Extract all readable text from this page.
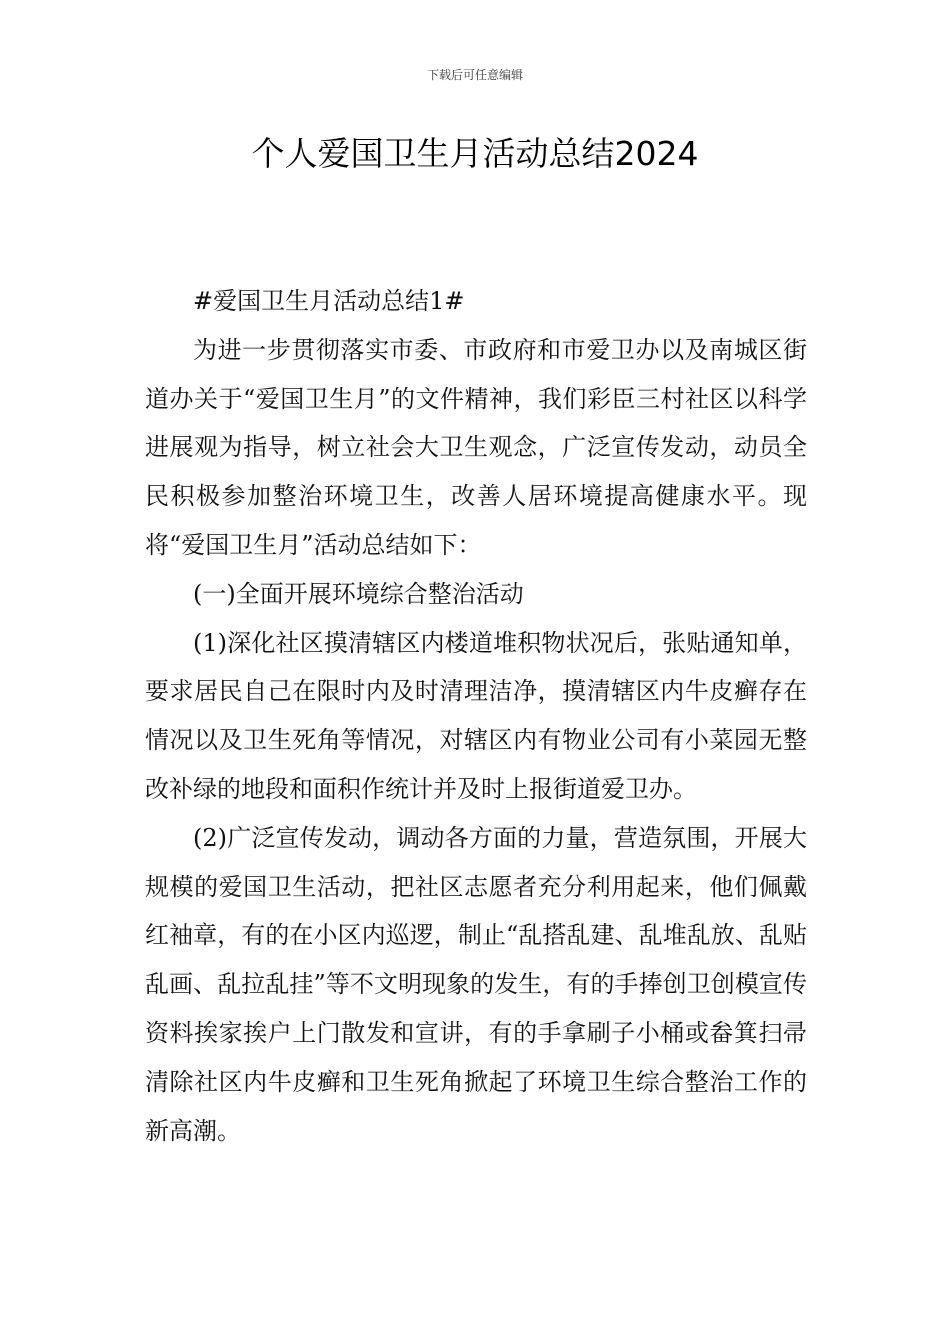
下载后可任意编辑
个人爱国卫生月活动总结2024

#爱国卫生月活动总结1#

为进一步贯彻落实市委、市政府和市爱卫办以及南城区街道办关于“爱国卫生月”的文件精神，我们彩臣三村社区以科学进展观为指导，树立社会大卫生观念，广泛宣传发动，动员全民积极参加整治环境卫生，改善人居环境提高健康水平。现将“爱国卫生月”活动总结如下：

(一)全面开展环境综合整治活动

(1)深化社区摸清辖区内楼道堆积物状况后，张贴通知单，要求居民自己在限时内及时清理洁净，摸清辖区内牛皮癣存在情况以及卫生死角等情况，对辖区内有物业公司有小菜园无整改补绿的地段和面积作统计并及时上报街道爱卫办。

(2)广泛宣传发动，调动各方面的力量，营造氛围，开展大规模的爱国卫生活动，把社区志愿者充分利用起来，他们佩戴红袖章，有的在小区内巡逻，制止“乱搭乱建、乱堆乱放、乱贴乱画、乱拉乱挂”等不文明现象的发生，有的手捧创卫创模宣传资料挨家挨户上门散发和宣讲，有的手拿刷子小桶或畚箕扫帚清除社区内牛皮癣和卫生死角掀起了环境卫生综合整治工作的新高潮。
